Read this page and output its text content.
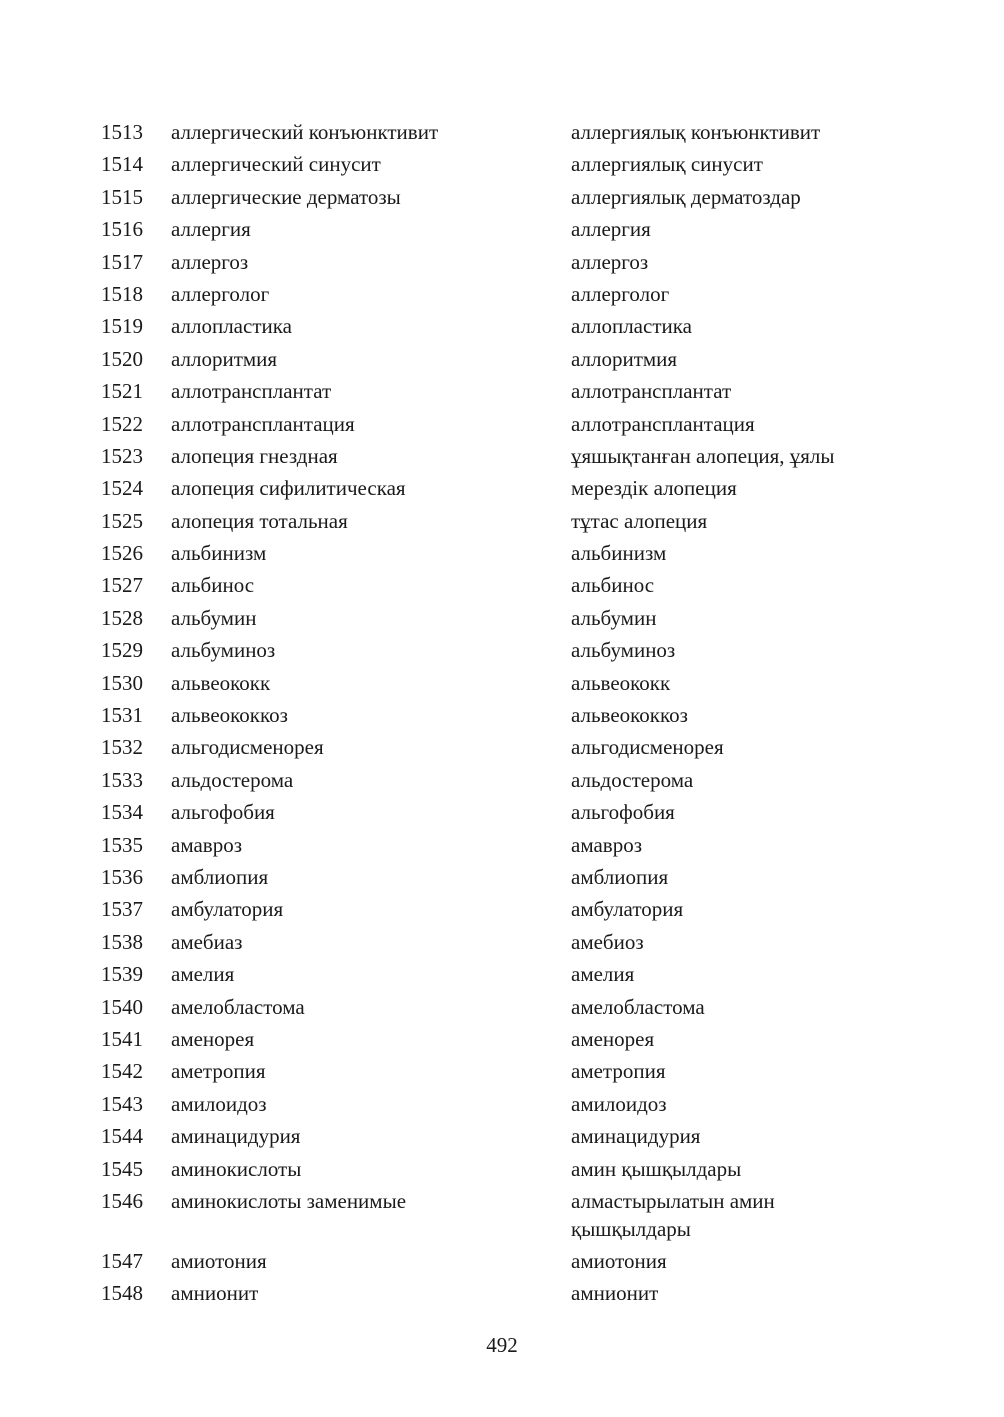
1513	аллергический конъюнктивит	аллергиялық конъюнктивит
1514	аллергический синусит	аллергиялық синусит
1515	аллергические дерматозы	аллергиялық дерматоздар
1516	аллергия	аллергия
1517	аллергоз	аллергоз
1518	аллерголог	аллерголог
1519	аллопластика	аллопластика
1520	аллоритмия	аллоритмия
1521	аллотрансплантат	аллотрансплантат
1522	аллотрансплантация	аллотрансплантация
1523	алопеция гнездная	ұяшықтанған алопеция, ұялы
1524	алопеция сифилитическая	мерездік алопеция
1525	алопеция тотальная	тұтас алопеция
1526	альбинизм	альбинизм
1527	альбинос	альбинос
1528	альбумин	альбумин
1529	альбуминоз	альбуминоз
1530	альвеококк	альвеококк
1531	альвеококкоз	альвеококкоз
1532	альгодисменорея	альгодисменорея
1533	альдостерома	альдостерома
1534	альгофобия	альгофобия
1535	амавроз	амавроз
1536	амблиопия	амблиопия
1537	амбулатория	амбулатория
1538	амебиаз	амебиоз
1539	амелия	амелия
1540	амелобластома	амелобластома
1541	аменорея	аменорея
1542	аметропия	аметропия
1543	амилоидоз	амилоидоз
1544	аминацидурия	аминацидурия
1545	аминокислоты	амин қышқылдары
1546	аминокислоты заменимые	алмастырылатын амин қышқылдары
1547	амиотония	амиотония
1548	амнионит	амнионит
492
